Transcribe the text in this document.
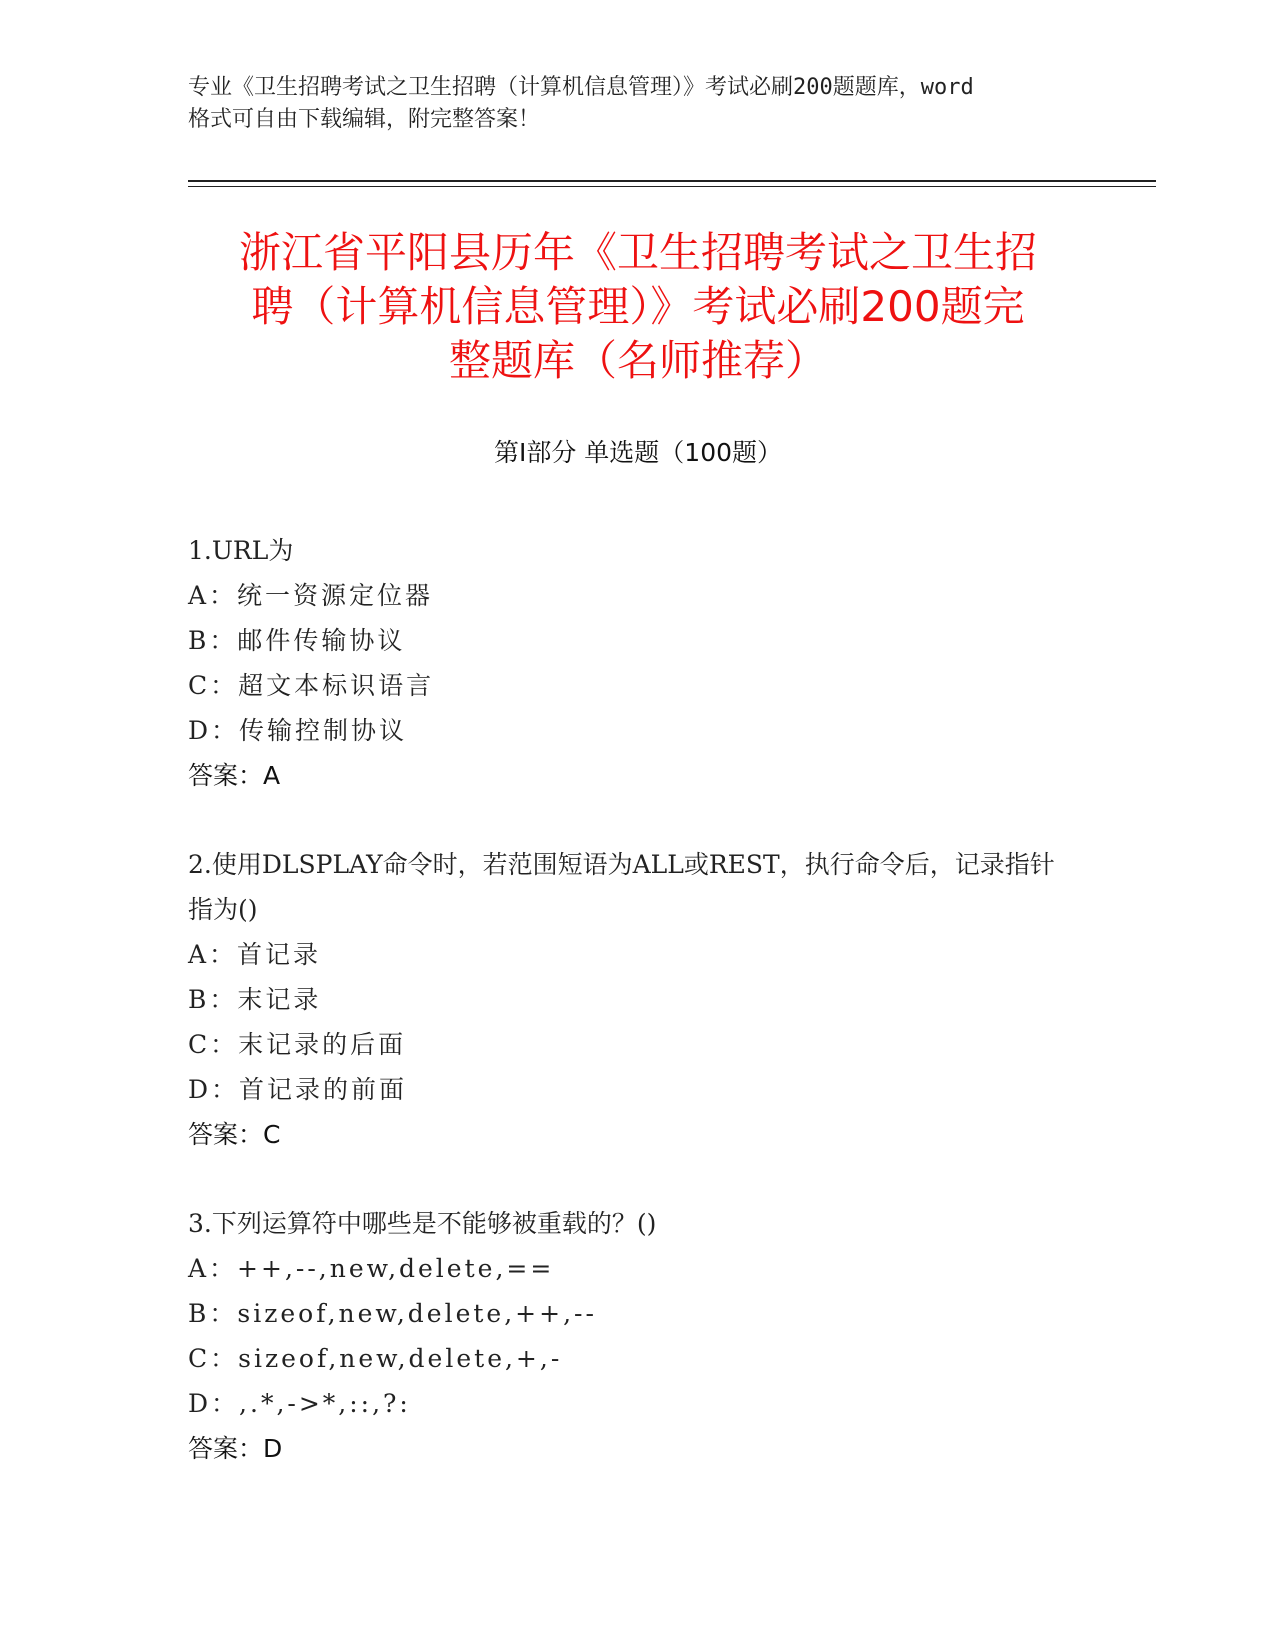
专业《卫生招聘考试之卫生招聘（计算机信息管理）》考试必刷200题题库，word
格式可自由下载编辑，附完整答案！
浙江省平阳县历年《卫生招聘考试之卫生招
聘（计算机信息管理）》考试必刷200题完
整题库（名师推荐）
第Ⅰ部分 单选题（100题）
1.URL为
A：统一资源定位器
B：邮件传输协议
C：超文本标识语言
D：传输控制协议
答案：A
2.使用DLSPLAY命令时，若范围短语为ALL或REST，执行命令后，记录指针指为()
A：首记录
B：末记录
C：末记录的后面
D：首记录的前面
答案：C
3.下列运算符中哪些是不能够被重载的？()
A：++,--,new,delete,==
B：sizeof,new,delete,++,--
C：sizeof,new,delete,+,-
D：,.*,->*,::,?:
答案：D
